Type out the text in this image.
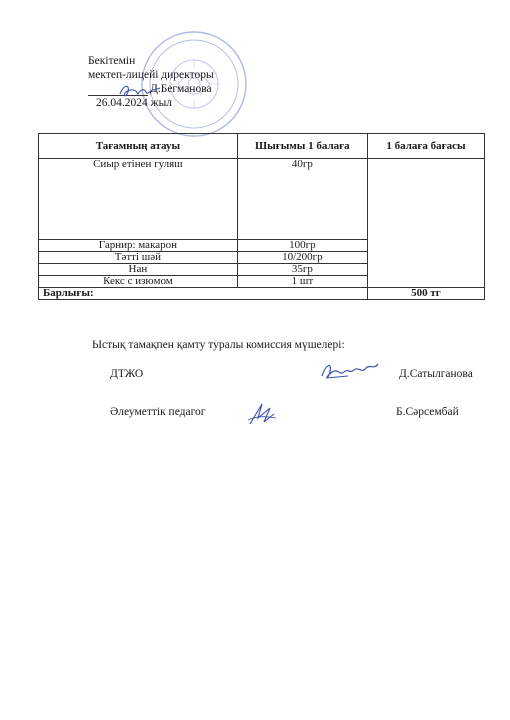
Бекітемін
мектеп-лицейі директоры
Д.Бегманова
26.04.2024 жыл
Тағамның атауы	Шығымы 1 балаға	1 балаға бағасы
Сиыр етінен гуляш	40гр	
Гарнир: макарон	100гр	
Тәтті шәй	10/200гр	
Нан	35гр	
Кекс с изюмом	1 шт	
Барлығы:		500 тг
Ыстық тамақпен қамту туралы комиссия мүшелері:
ДТЖО	Д.Сатылганова
Әлеуметтік педагог	Б.Сәрсембай
